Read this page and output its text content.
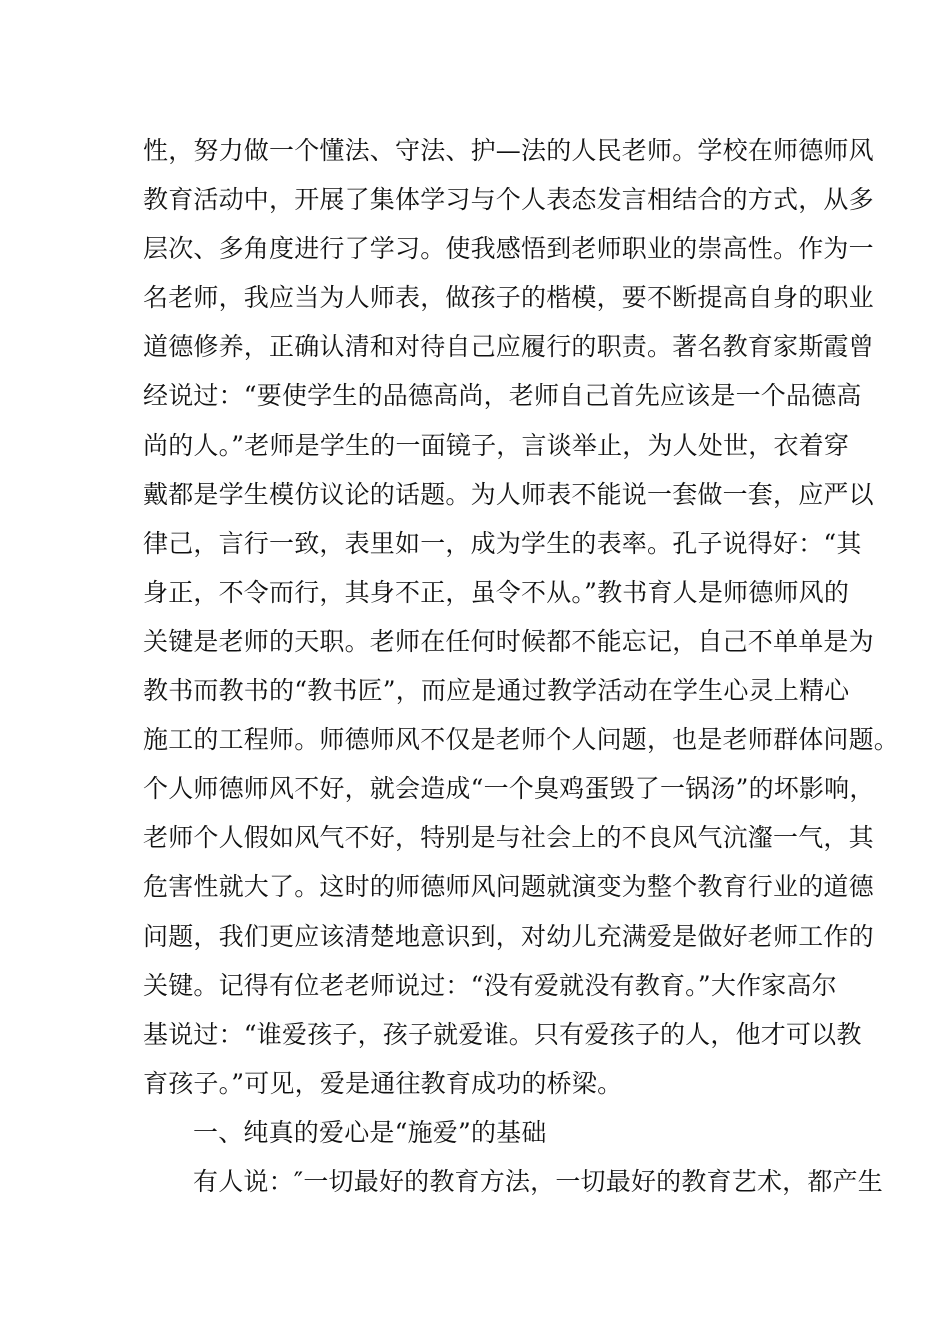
性，努力做一个懂法、守法、护—法的人民老师。学校在师德师风
教育活动中，开展了集体学习与个人表态发言相结合的方式，从多
层次、多角度进行了学习。使我感悟到老师职业的崇高性。作为一
名老师，我应当为人师表，做孩子的楷模，要不断提高自身的职业
道德修养，正确认清和对待自己应履行的职责。著名教育家斯霞曾
经说过：“要使学生的品德高尚，老师自己首先应该是一个品德高
尚的人。”老师是学生的一面镜子，言谈举止，为人处世，衣着穿
戴都是学生模仿议论的话题。为人师表不能说一套做一套，应严以
律己，言行一致，表里如一，成为学生的表率。孔子说得好：“其
身正，不令而行，其身不正，虽令不从。”教书育人是师德师风的
关键是老师的天职。老师在任何时候都不能忘记，自己不单单是为
教书而教书的“教书匠”，而应是通过教学活动在学生心灵上精心
施工的工程师。师德师风不仅是老师个人问题，也是老师群体问题。
个人师德师风不好，就会造成“一个臭鸡蛋毁了一锅汤”的坏影响，
老师个人假如风气不好，特别是与社会上的不良风气沆瀣一气，其
危害性就大了。这时的师德师风问题就演变为整个教育行业的道德
问题，我们更应该清楚地意识到，对幼儿充满爱是做好老师工作的
关键。记得有位老老师说过：“没有爱就没有教育。”大作家高尔
基说过：“谁爱孩子，孩子就爱谁。只有爱孩子的人，他才可以教
育孩子。”可见，爱是通往教育成功的桥梁。
一、纯真的爱心是“施爱”的基础
有人说：″一切最好的教育方法，一切最好的教育艺术，都产生
